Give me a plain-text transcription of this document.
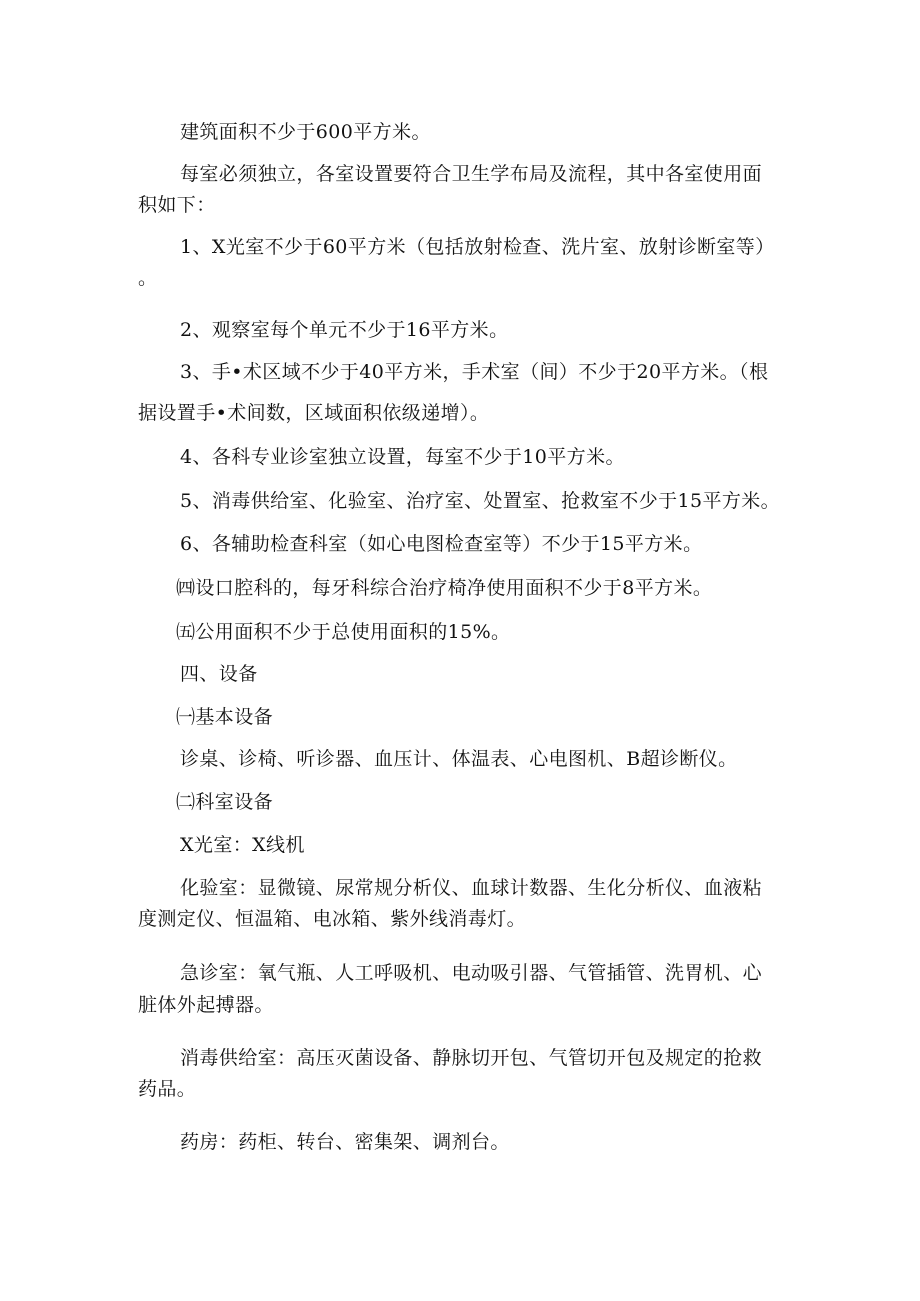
建筑面积不少于600平方米。
每室必须独立，各室设置要符合卫生学布局及流程，其中各室使用面
积如下：
1、X光室不少于60平方米（包括放射检查、洗片室、放射诊断室等）
。
2、观察室每个单元不少于16平方米。
3、手•术区域不少于40平方米，手术室（间）不少于20平方米。（根
据设置手•术间数，区域面积依级递增）。
4、各科专业诊室独立设置，每室不少于10平方米。
5、消毒供给室、化验室、治疗室、处置室、抢救室不少于15平方米。
6、各辅助检查科室（如心电图检查室等）不少于15平方米。
㈣设口腔科的，每牙科综合治疗椅净使用面积不少于8平方米。
㈤公用面积不少于总使用面积的15%。
四、设备
㈠基本设备
诊桌、诊椅、听诊器、血压计、体温表、心电图机、B超诊断仪。
㈡科室设备
X光室：X线机
化验室：显微镜、尿常规分析仪、血球计数器、生化分析仪、血液粘
度测定仪、恒温箱、电冰箱、紫外线消毒灯。
急诊室：氧气瓶、人工呼吸机、电动吸引器、气管插管、洗胃机、心
脏体外起搏器。
消毒供给室：高压灭菌设备、静脉切开包、气管切开包及规定的抢救
药品。
药房：药柜、转台、密集架、调剂台。
